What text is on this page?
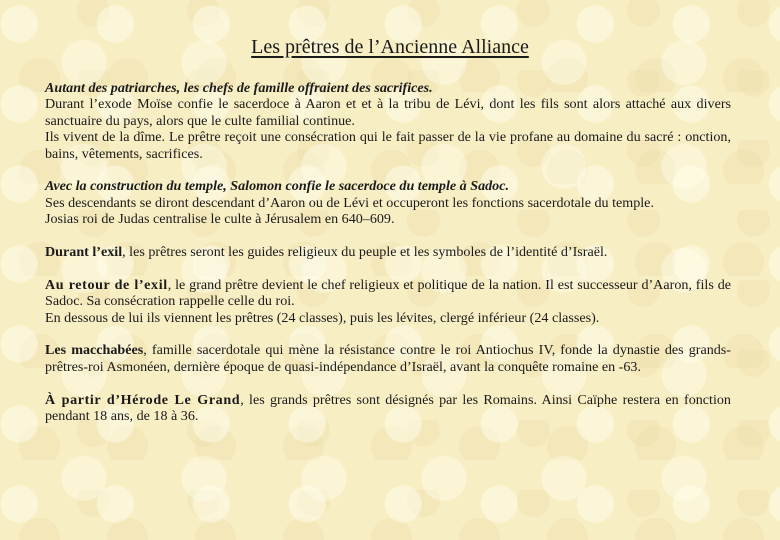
Les prêtres de l’Ancienne Alliance
Autant des patriarches, les chefs de famille offraient des sacrifices.
Durant l’exode Moïse confie le sacerdoce à Aaron et et à la tribu de Lévi, dont les fils sont alors attaché aux divers sanctuaire du pays, alors que le culte familial continue.
Ils vivent de la dîme. Le prêtre reçoit une consécration qui le fait passer de la vie profane au domaine du sacré : onction, bains, vêtements, sacrifices.
Avec la construction du temple, Salomon confie le sacerdoce du temple à Sadoc.
Ses descendants se diront descendant d’Aaron ou de Lévi et occuperont les fonctions sacerdotale du temple.
Josias roi de Judas centralise le culte à Jérusalem en 640–609.
Durant l’exil, les prêtres seront les guides religieux du peuple et les symboles de l’identité d’Israël.
Au retour de l’exil, le grand prêtre devient le chef religieux et politique de la nation. Il est successeur d’Aaron, fils de Sadoc. Sa consécration rappelle celle du roi.
En dessous de lui ils viennent les prêtres (24 classes), puis les lévites, clergé inférieur (24 classes).
Les macchabées, famille sacerdotale qui mène la résistance contre le roi Antiochus IV, fonde la dynastie des grands-prêtres-roi Asmonéen, dernière époque de quasi-indépendance d’Israël, avant la conquête romaine en -63.
À partir d’Hérode Le Grand, les grands prêtres sont désignés par les Romains. Ainsi Caïphe restera en fonction pendant 18 ans, de 18 à 36.
